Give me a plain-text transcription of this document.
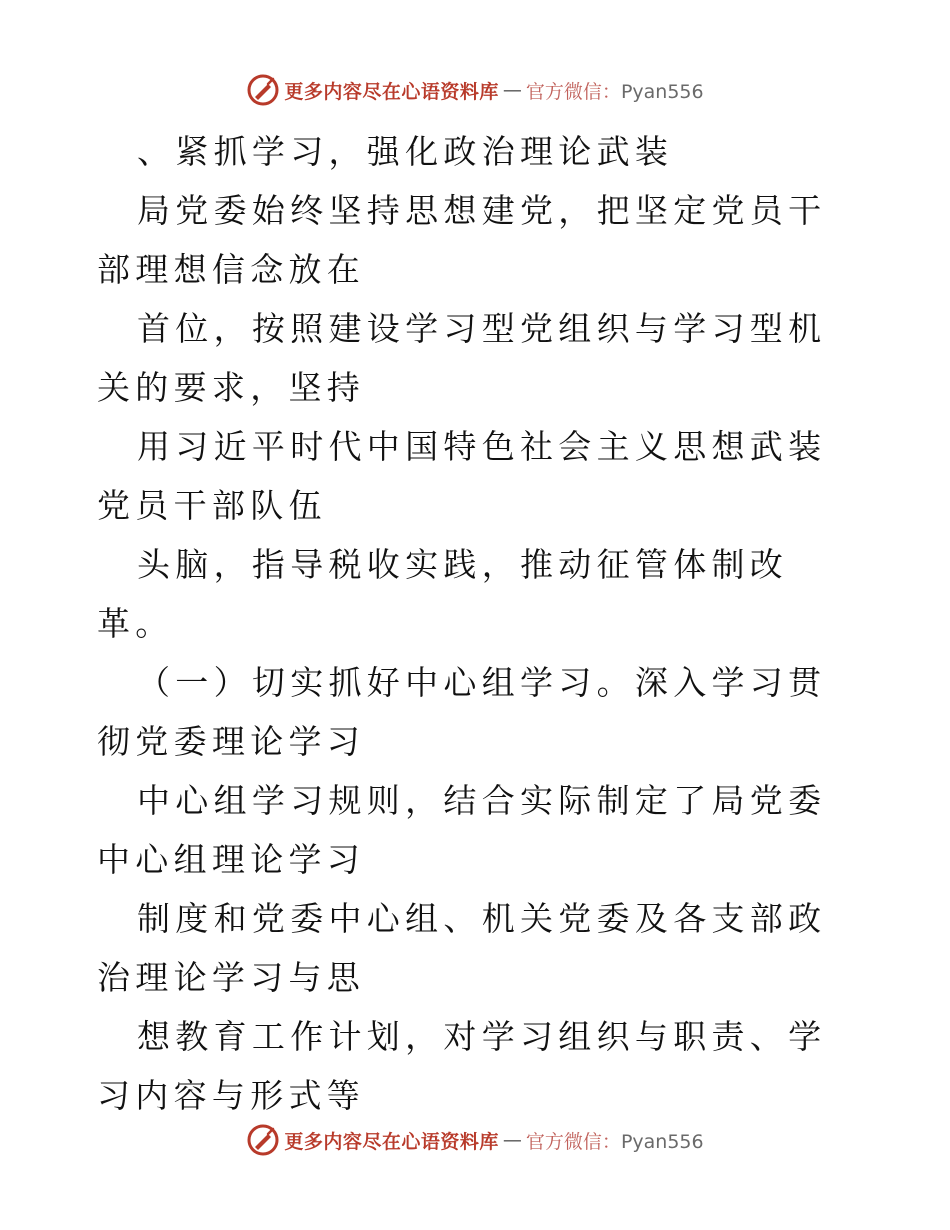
更多内容尽在心语资料库 — 官方微信：Pyan556

、紧抓学习，强化政治理论武装

局党委始终坚持思想建党，把坚定党员干部理想信念放在

首位，按照建设学习型党组织与学习型机关的要求，坚持

用习近平时代中国特色社会主义思想武装党员干部队伍

头脑，指导税收实践，推动征管体制改革。

（一）切实抓好中心组学习。深入学习贯彻党委理论学习

中心组学习规则，结合实际制定了局党委中心组理论学习

制度和党委中心组、机关党委及各支部政治理论学习与思

想教育工作计划，对学习组织与职责、学习内容与形式等

更多内容尽在心语资料库 — 官方微信：Pyan556
